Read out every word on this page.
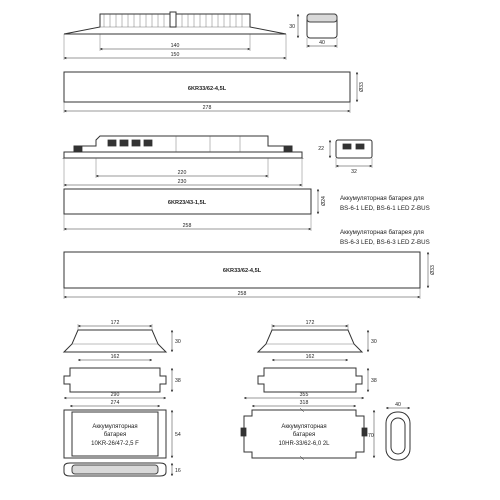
140
150
30
40
6KR33/62-4,5L	Ø33
278
220
230
22
32
6KR23/43-1,5L	Ø24
258
Аккумуляторная батарея для
BS-6-1 LED, BS-6-1 LED Z-BUS
Аккумуляторная батарея для
BS-6-3 LED, BS-6-3 LED Z-BUS
6KR33/62-4,5L	Ø33
258
172
30
162
38
290
274
Аккумуляторная
батарея
10KR-26/47-2,5 F
54
16
172
30
162
38
355
318
Аккумуляторная
батарея
10HR-33/62-6,0 2L
70
40
